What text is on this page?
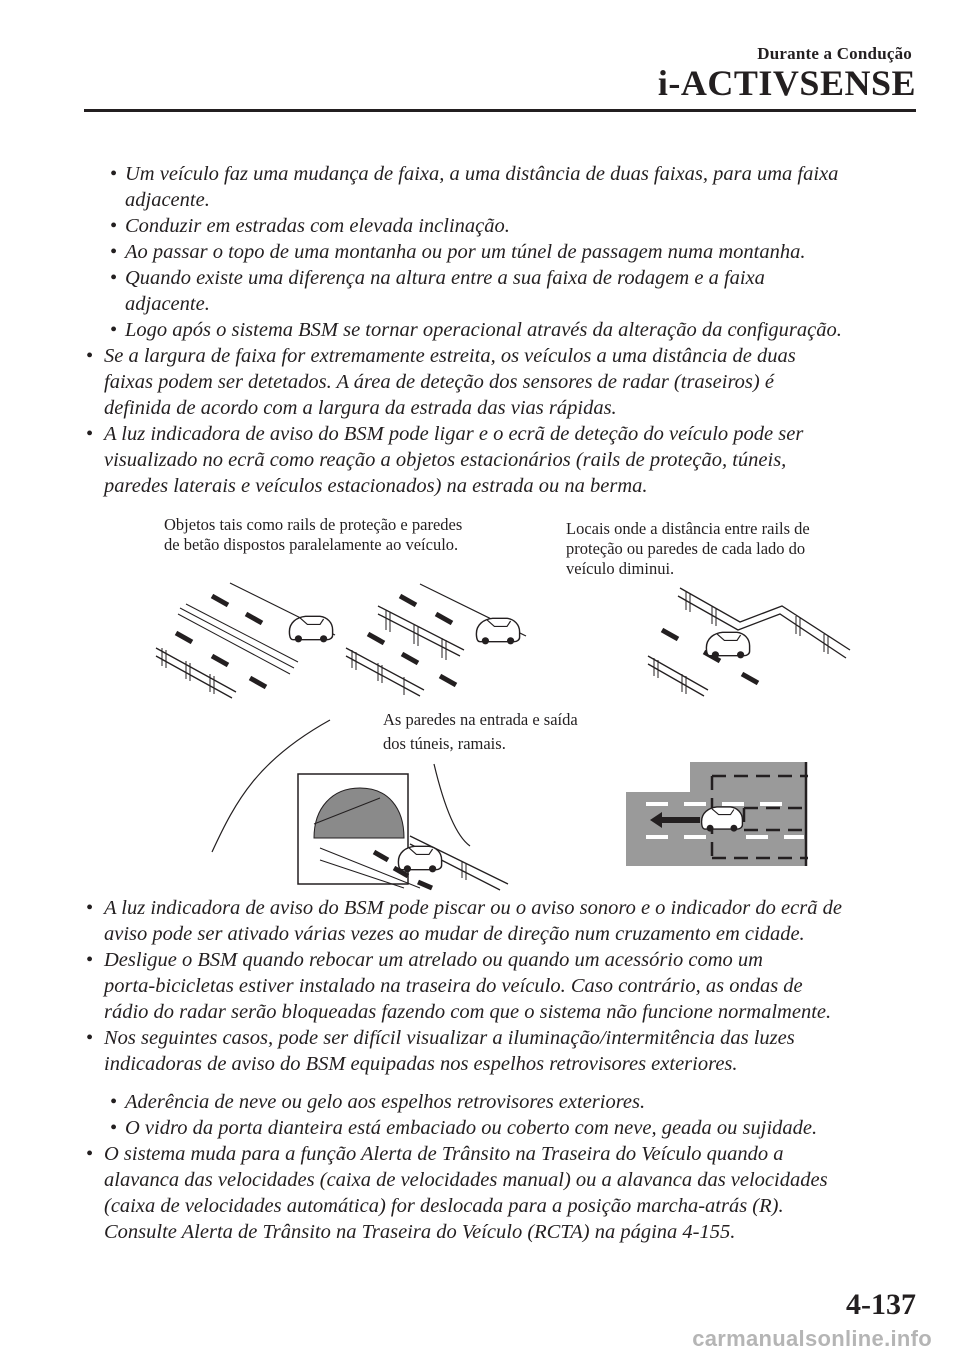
Durante a Condução
i-ACTIVSENSE
• Um veículo faz uma mudança de faixa, a uma distância de duas faixas, para uma faixa
adjacente.
• Conduzir em estradas com elevada inclinação.
• Ao passar o topo de uma montanha ou por um túnel de passagem numa montanha.
• Quando existe uma diferença na altura entre a sua faixa de rodagem e a faixa
adjacente.
• Logo após o sistema BSM se tornar operacional através da alteração da configuração.
• Se a largura de faixa for extremamente estreita, os veículos a uma distância de duas
faixas podem ser detetados. A área de deteção dos sensores de radar (traseiros) é
definida de acordo com a largura da estrada das vias rápidas.
• A luz indicadora de aviso do BSM pode ligar e o ecrã de deteção do veículo pode ser
visualizado no ecrã como reação a objetos estacionários (rails de proteção, túneis,
paredes laterais e veículos estacionados) na estrada ou na berma.
Objetos tais como rails de proteção e paredes
de betão dispostos paralelamente ao veículo.
Locais onde a distância entre rails de
proteção ou paredes de cada lado do
veículo diminui.
As paredes na entrada e saída
dos túneis, ramais.
• A luz indicadora de aviso do BSM pode piscar ou o aviso sonoro e o indicador do ecrã de
aviso pode ser ativado várias vezes ao mudar de direção num cruzamento em cidade.
• Desligue o BSM quando rebocar um atrelado ou quando um acessório como um
porta-bicicletas estiver instalado na traseira do veículo. Caso contrário, as ondas de
rádio do radar serão bloqueadas fazendo com que o sistema não funcione normalmente.
• Nos seguintes casos, pode ser difícil visualizar a iluminação/intermitência das luzes
indicadoras de aviso do BSM equipadas nos espelhos retrovisores exteriores.
• Aderência de neve ou gelo aos espelhos retrovisores exteriores.
• O vidro da porta dianteira está embaciado ou coberto com neve, geada ou sujidade.
• O sistema muda para a função Alerta de Trânsito na Traseira do Veículo quando a
alavanca das velocidades (caixa de velocidades manual) ou a alavanca das velocidades
(caixa de velocidades automática) for deslocada para a posição marcha-atrás (R).
Consulte Alerta de Trânsito na Traseira do Veículo (RCTA) na página 4-155.
4-137
carmanualsonline.info
